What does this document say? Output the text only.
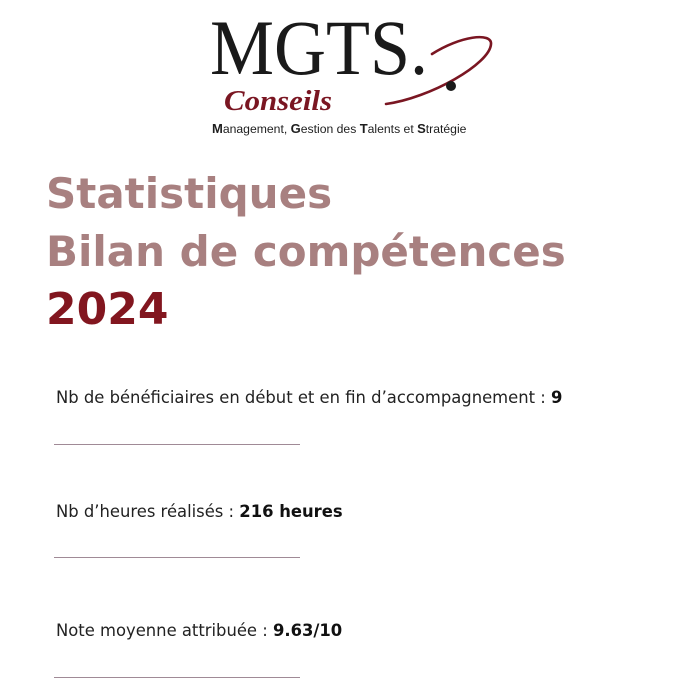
MGTS.
Conseils
Management, Gestion des Talents et Stratégie
Statistiques
Bilan de compétences
2024
Nb de bénéficiaires en début et en fin d’accompagnement : 9
Nb d’heures réalisés : 216 heures
Note moyenne attribuée : 9.63/10
